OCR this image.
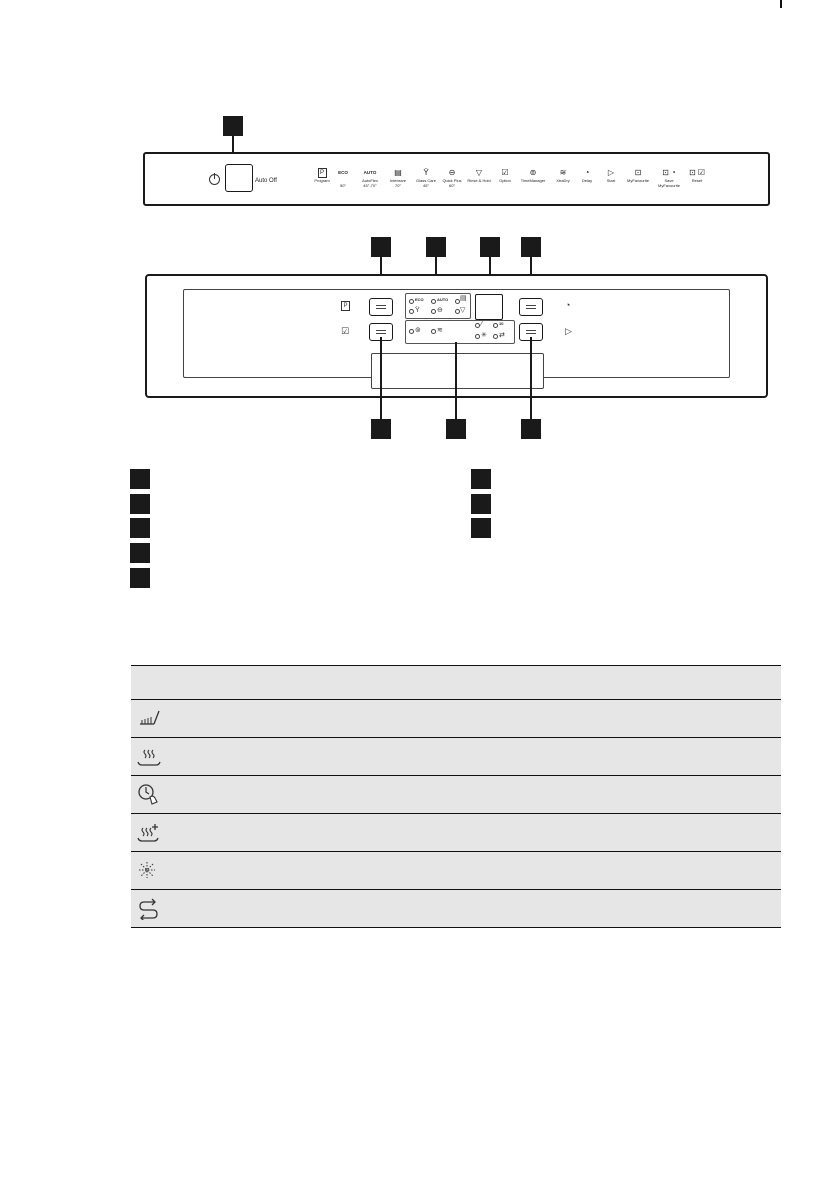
Auto Off
P
Program
ECO
50°
AUTO
AutoFlex
45°-70°
▤
Intensive
70°
Ÿ
Glass Care
45°
⊖
Quick Plus
60°
▽
Rinse & Hold
☑
Option
⊚
TimeManager
≋
XtraDry
◔
Delay
▷
Start
⊡
MyFavourite
⊡ ◔
Save
MyFavourite
⊡ ☑
Reset
P
☑
◔
▷
ECO	AUTO ▤
Ÿ ⊖ ▽
⊚ ≋
⁄	10
✳ ⇄
